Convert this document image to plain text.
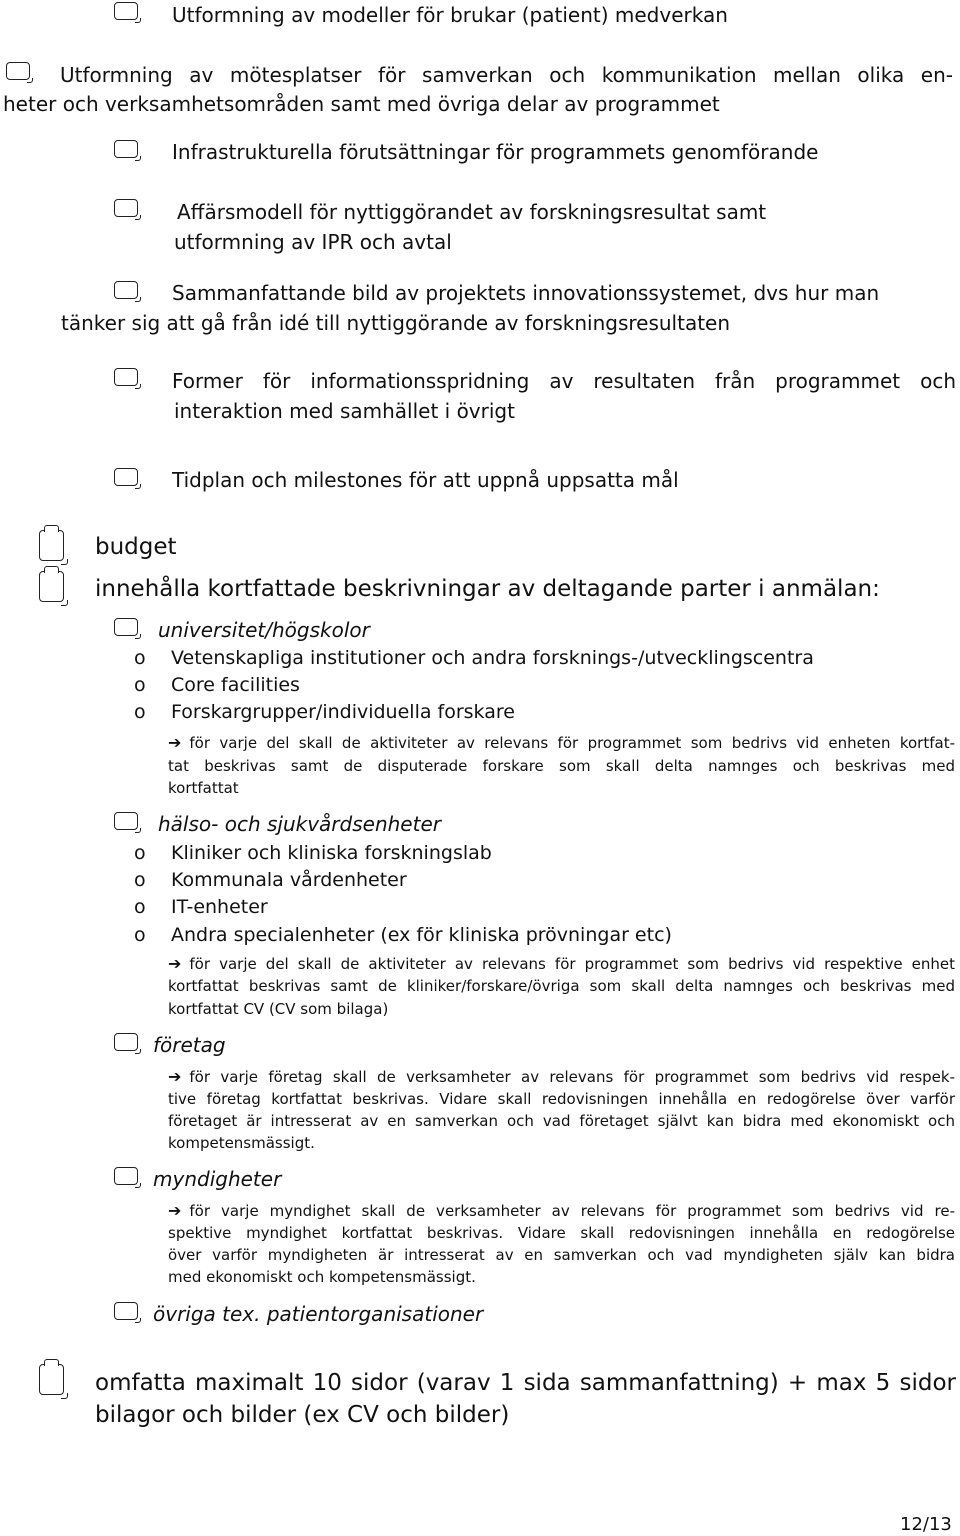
Utformning av modeller för brukar (patient) medverkan
Utformning av mötesplatser för samverkan och kommunikation mellan olika en-
heter och verksamhetsområden samt med övriga delar av programmet
Infrastrukturella förutsättningar för programmets genomförande
Affärsmodell för nyttiggörandet av forskningsresultat samt
utformning av IPR och avtal
Sammanfattande bild av projektets innovationssystemet, dvs hur man
tänker sig att gå från idé till nyttiggörande av forskningsresultaten
Former för informationsspridning av resultaten från programmet och
interaktion med samhället i övrigt
Tidplan och milestones för att uppnå uppsatta mål
budget
innehålla kortfattade beskrivningar av deltagande parter i anmälan:
universitet/högskolor
o Vetenskapliga institutioner och andra forsknings-/utvecklingscentra
o Core facilities
o Forskargrupper/individuella forskare
➔ för varje del skall de aktiviteter av relevans för programmet som bedrivs vid enheten kortfat-
tat beskrivas samt de disputerade forskare som skall delta namnges och beskrivas med
kortfattat
hälso- och sjukvårdsenheter
o Kliniker och kliniska forskningslab
o Kommunala vårdenheter
o IT-enheter
o Andra specialenheter (ex för kliniska prövningar etc)
➔ för varje del skall de aktiviteter av relevans för programmet som bedrivs vid respektive enhet
kortfattat beskrivas samt de kliniker/forskare/övriga som skall delta namnges och beskrivas med
kortfattat CV (CV som bilaga)
företag
➔ för varje företag skall de verksamheter av relevans för programmet som bedrivs vid respek-
tive företag kortfattat beskrivas. Vidare skall redovisningen innehålla en redogörelse över varför
företaget är intresserat av en samverkan och vad företaget självt kan bidra med ekonomiskt och
kompetensmässigt.
myndigheter
➔ för varje myndighet skall de verksamheter av relevans för programmet som bedrivs vid re-
spektive myndighet kortfattat beskrivas. Vidare skall redovisningen innehålla en redogörelse
över varför myndigheten är intresserat av en samverkan och vad myndigheten själv kan bidra
med ekonomiskt och kompetensmässigt.
övriga tex. patientorganisationer
omfatta maximalt 10 sidor (varav 1 sida sammanfattning) + max 5 sidor
bilagor och bilder (ex CV och bilder)
12/13
